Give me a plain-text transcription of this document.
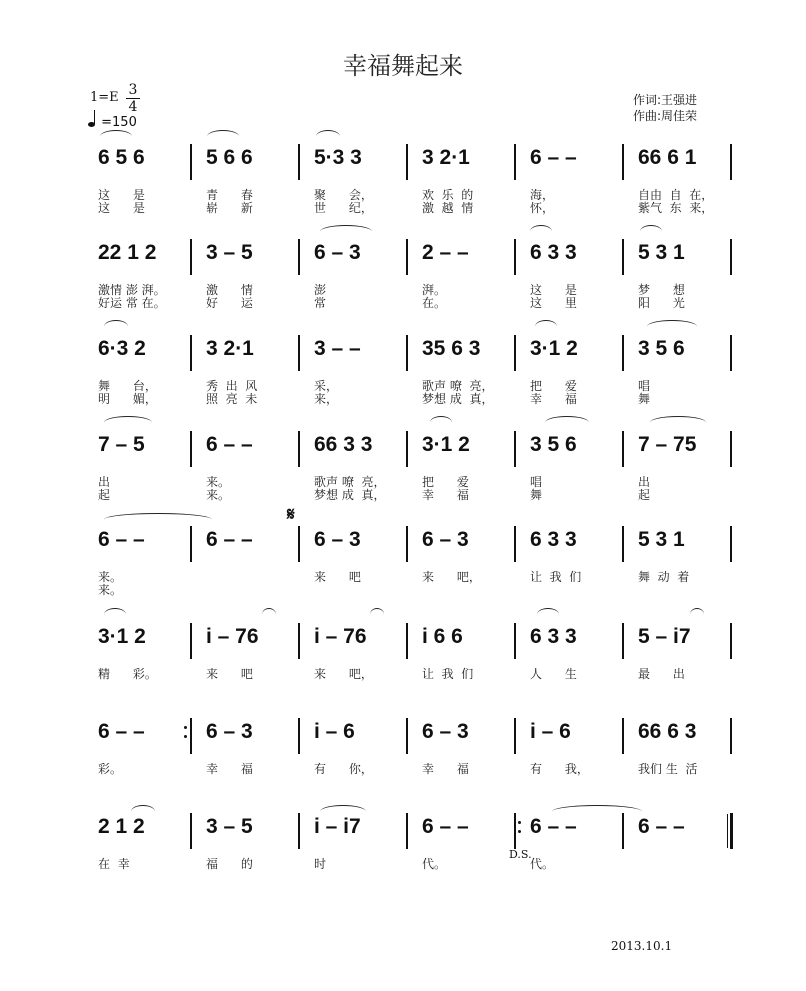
幸福舞起来
1=E 3
4
=150
作词:王强进
作曲:周佳荣
6 5 6
这      是
这      是
5 6 6
青      春
崭      新
5·3 3
聚      会，
世      纪，
3 2·1
欢  乐  的
激  越  情
6 – –
海，
怀，
66 6 1
自由  自  在，
紫气  东  来，
22 1 2
激情 澎 湃。
好运 常 在。
3 – 5
激      情
好      运
6 – 3
澎
常
2 – –
湃。
在。
6 3 3
这      是
这      里
5 3 1
梦      想
阳      光
6·3 2
舞      台，
明      媚，
3 2·1
秀  出  风
照  亮  未
3 – –
采，
来，
35 6 3
歌声 嘹  亮，
梦想 成  真，
3·1 2
把      爱
幸      福
3 5 6
唱
舞
7 – 5
出
起
6 – –
来。
来。
66 3 3
歌声 嘹  亮，
梦想 成  真，
3·1 2
把      爱
幸      福
3 5 6
唱
舞
7 – 75
出
起
6 – –
来。
来。
6 – –	6 – 3
来      吧
6 – 3
来      吧，
6 3 3
让  我  们
5 3 1
舞  动  着
3·1 2
精      彩。
i – 76
来      吧
i – 76
来      吧，
i 6 6
让  我  们
6 3 3
人      生
5 – i7
最      出
6 – –
彩。
6 – 3
幸      福
i – 6
有      你，
6 – 3
幸      福
i – 6
有      我，
66 6 3
我们 生  活
2 1 2
在  幸
3 – 5
福      的
i – i7
时
6 – –
代。
6 – –
代。
6 – –
2013.10.1
𝄋
D.S.
